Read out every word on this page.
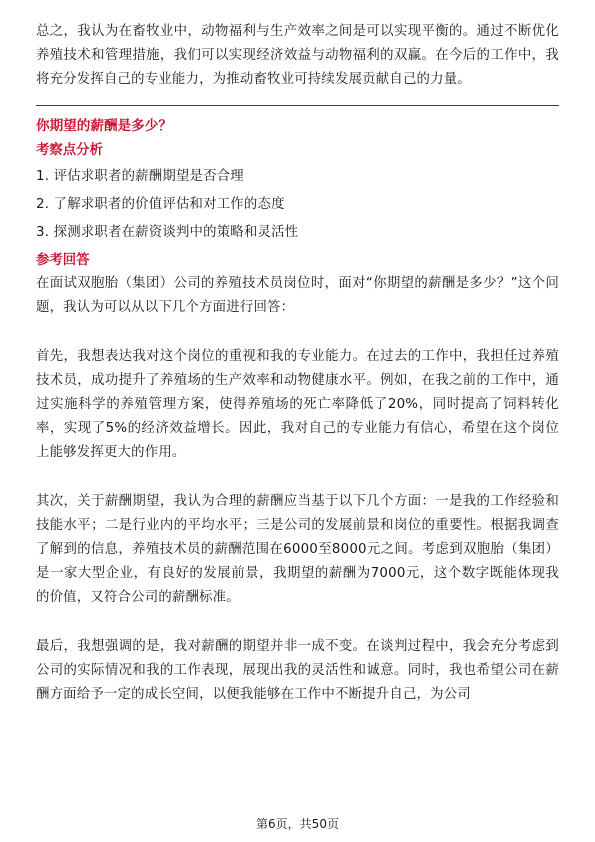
总之，我认为在畜牧业中，动物福利与生产效率之间是可以实现平衡的。通过不断优化养殖技术和管理措施，我们可以实现经济效益与动物福利的双赢。在今后的工作中，我将充分发挥自己的专业能力，为推动畜牧业可持续发展贡献自己的力量。

你期望的薪酬是多少？
考察点分析

1. 评估求职者的薪酬期望是否合理

2. 了解求职者的价值评估和对工作的态度

3. 探测求职者在薪资谈判中的策略和灵活性

参考回答

在面试双胞胎（集团）公司的养殖技术员岗位时，面对“你期望的薪酬是多少？”这个问题，我认为可以从以下几个方面进行回答：

首先，我想表达我对这个岗位的重视和我的专业能力。在过去的工作中，我担任过养殖技术员，成功提升了养殖场的生产效率和动物健康水平。例如，在我之前的工作中，通过实施科学的养殖管理方案，使得养殖场的死亡率降低了20%，同时提高了饲料转化率，实现了5%的经济效益增长。因此，我对自己的专业能力有信心，希望在这个岗位上能够发挥更大的作用。

其次，关于薪酬期望，我认为合理的薪酬应当基于以下几个方面：一是我的工作经验和技能水平；二是行业内的平均水平；三是公司的发展前景和岗位的重要性。根据我调查了解到的信息，养殖技术员的薪酬范围在6000至8000元之间。考虑到双胞胎（集团）是一家大型企业，有良好的发展前景，我期望的薪酬为7000元，这个数字既能体现我的价值，又符合公司的薪酬标准。

最后，我想强调的是，我对薪酬的期望并非一成不变。在谈判过程中，我会充分考虑到公司的实际情况和我的工作表现，展现出我的灵活性和诚意。同时，我也希望公司在薪酬方面给予一定的成长空间，以便我能够在工作中不断提升自己，为公司

第6页，共50页
